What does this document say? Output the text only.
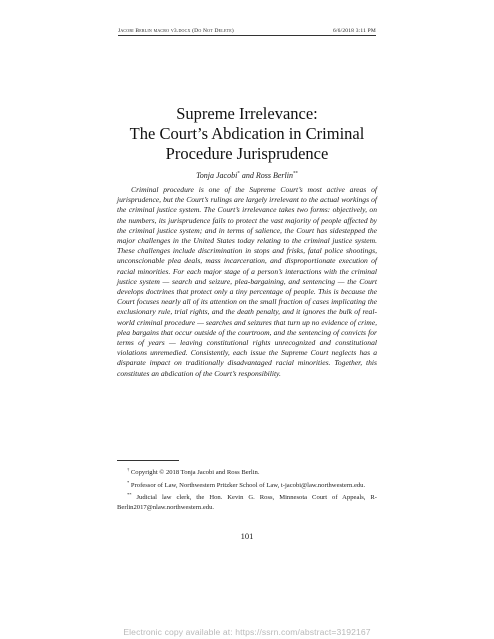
Jacobi Berlin macro v3.docx (Do Not Delete)	6/6/2018 3:11 PM
Supreme Irrelevance:
The Court’s Abdication in Criminal
Procedure Jurisprudence
Tonja Jacobi* and Ross Berlin**

Criminal procedure is one of the Supreme Court’s most active areas of jurisprudence, but the Court’s rulings are largely irrelevant to the actual workings of the criminal justice system. The Court’s irrelevance takes two forms: objectively, on the numbers, its jurisprudence fails to protect the vast majority of people affected by the criminal justice system; and in terms of salience, the Court has sidestepped the major challenges in the United States today relating to the criminal justice system. These challenges include discrimination in stops and frisks, fatal police shootings, unconscionable plea deals, mass incarceration, and disproportionate execution of racial minorities. For each major stage of a person’s interactions with the criminal justice system — search and seizure, plea-bargaining, and sentencing — the Court develops doctrines that protect only a tiny percentage of people. This is because the Court focuses nearly all of its attention on the small fraction of cases implicating the exclusionary rule, trial rights, and the death penalty, and it ignores the bulk of real-world criminal procedure — searches and seizures that turn up no evidence of crime, plea bargains that occur outside of the courtroom, and the sentencing of convicts for terms of years — leaving constitutional rights unrecognized and constitutional violations unremedied. Consistently, each issue the Supreme Court neglects has a disparate impact on traditionally disadvantaged racial minorities. Together, this constitutes an abdication of the Court’s responsibility.

† Copyright © 2018 Tonja Jacobi and Ross Berlin.

* Professor of Law, Northwestern Pritzker School of Law, t-jacobi@law.northwestern.edu.

** Judicial law clerk, the Hon. Kevin G. Ross, Minnesota Court of Appeals, R-Berlin2017@nlaw.northwestern.edu.

101
Electronic copy available at: https://ssrn.com/abstract=3192167
